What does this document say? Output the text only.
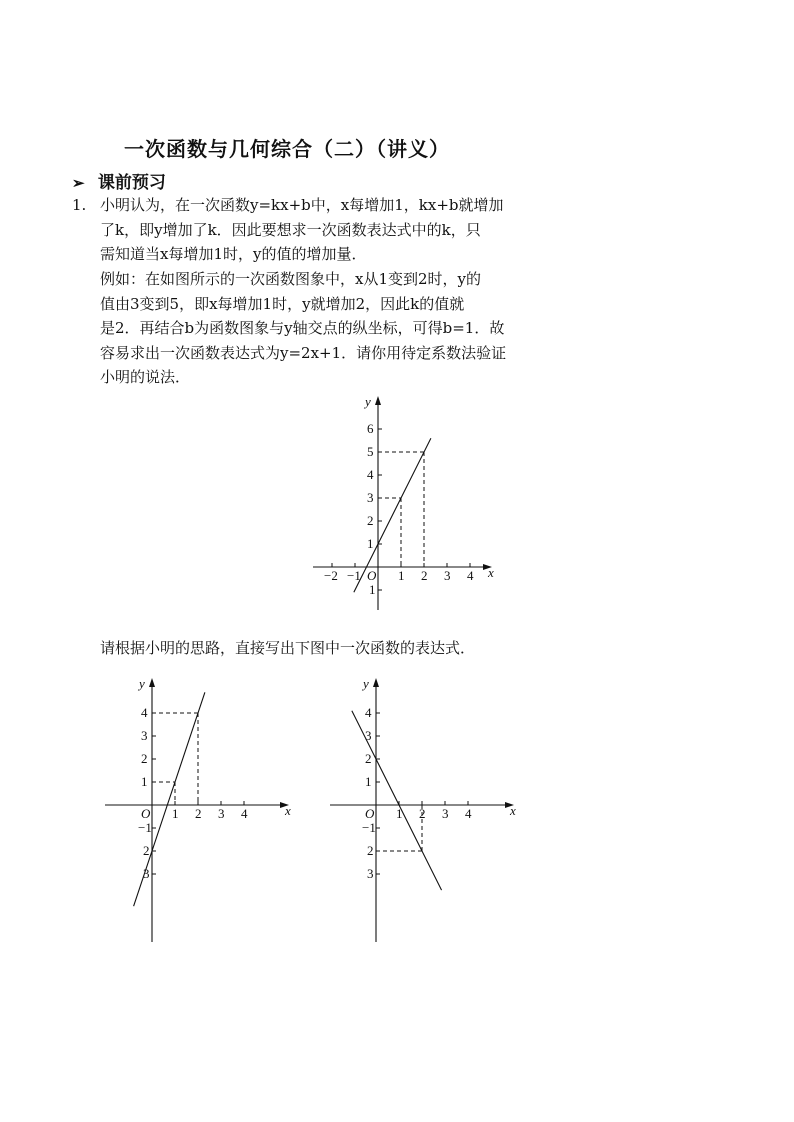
一次函数与几何综合（二）（讲义）
➢ 课前预习
1. 小明认为，在一次函数y=kx+b中，x每增加1，kx+b就增加
了k，即y增加了k．因此要想求一次函数表达式中的k，只
需知道当x每增加1时，y的值的增加量．
例如：在如图所示的一次函数图象中，x从1变到2时，y的
值由3变到5，即x每增加1时，y就增加2，因此k的值就
是2．再结合b为函数图象与y轴交点的纵坐标，可得b=1．故
容易求出一次函数表达式为y=2x+1．请你用待定系数法验证
小明的说法．
x
y
O
−2 −1	1 2 3 4
1
2
3
4
5
6
1
请根据小明的思路，直接写出下图中一次函数的表达式．
x
y
O 1 2 3 4
1
2
3
4
−1
2
3
x
y
O 1 2 3 4
1
2
3
4
−1
2
3
